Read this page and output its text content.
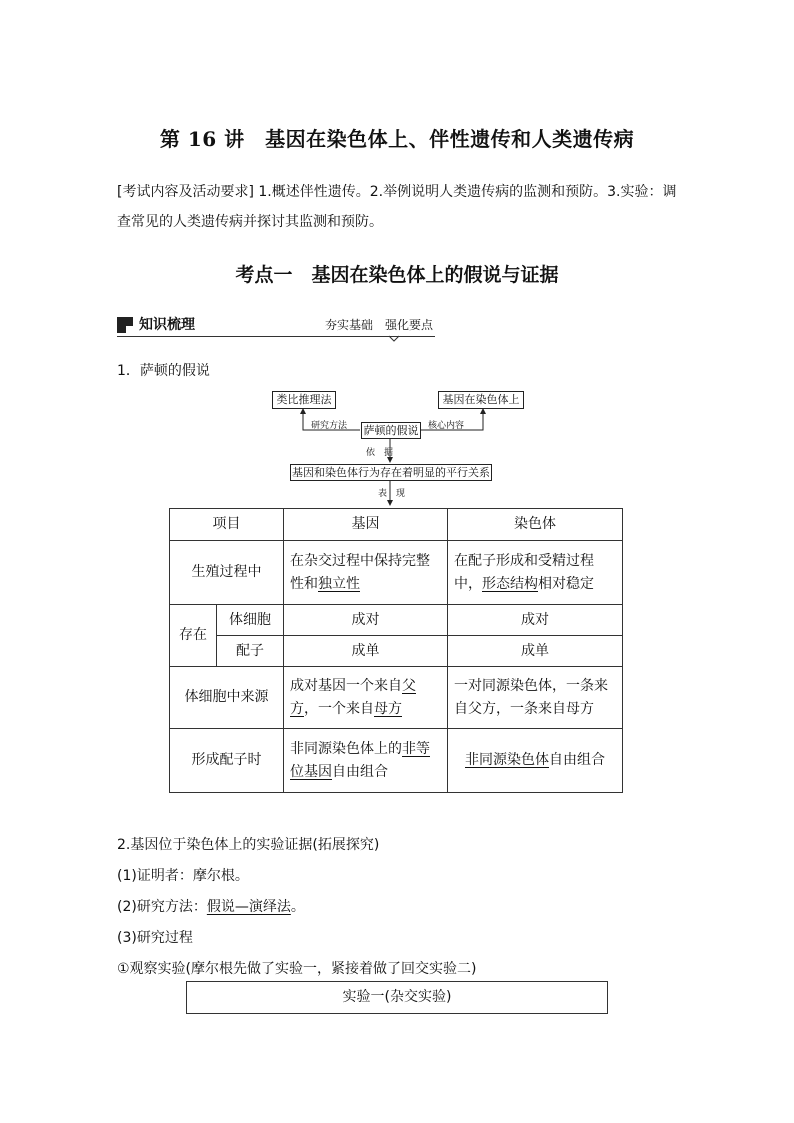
第 16 讲　基因在染色体上、伴性遗传和人类遗传病
[考试内容及活动要求] 1.概述伴性遗传。2.举例说明人类遗传病的监测和预防。3.实验：调查常见的人类遗传病并探讨其监测和预防。
考点一　基因在染色体上的假说与证据
知识梳理	夯实基础　强化要点
1．萨顿的假说
类比推理法	基因在染色体上
萨顿的假说
研究方法	核心内容
依　据
基因和染色体行为存在着明显的平行关系
表　现
项目		基因	染色体
生殖过程中		在杂交过程中保持完整性和独立性	在配子形成和受精过程中，形态结构相对稳定
存在	体细胞	成对	成对
	配子	成单	成单
体细胞中来源		成对基因一个来自父方，一个来自母方	一对同源染色体，一条来自父方，一条来自母方
形成配子时		非同源染色体上的非等位基因自由组合	非同源染色体自由组合
2.基因位于染色体上的实验证据(拓展探究)
(1)证明者：摩尔根。
(2)研究方法：假说—演绎法。
(3)研究过程
①观察实验(摩尔根先做了实验一，紧接着做了回交实验二)
实验一(杂交实验)
